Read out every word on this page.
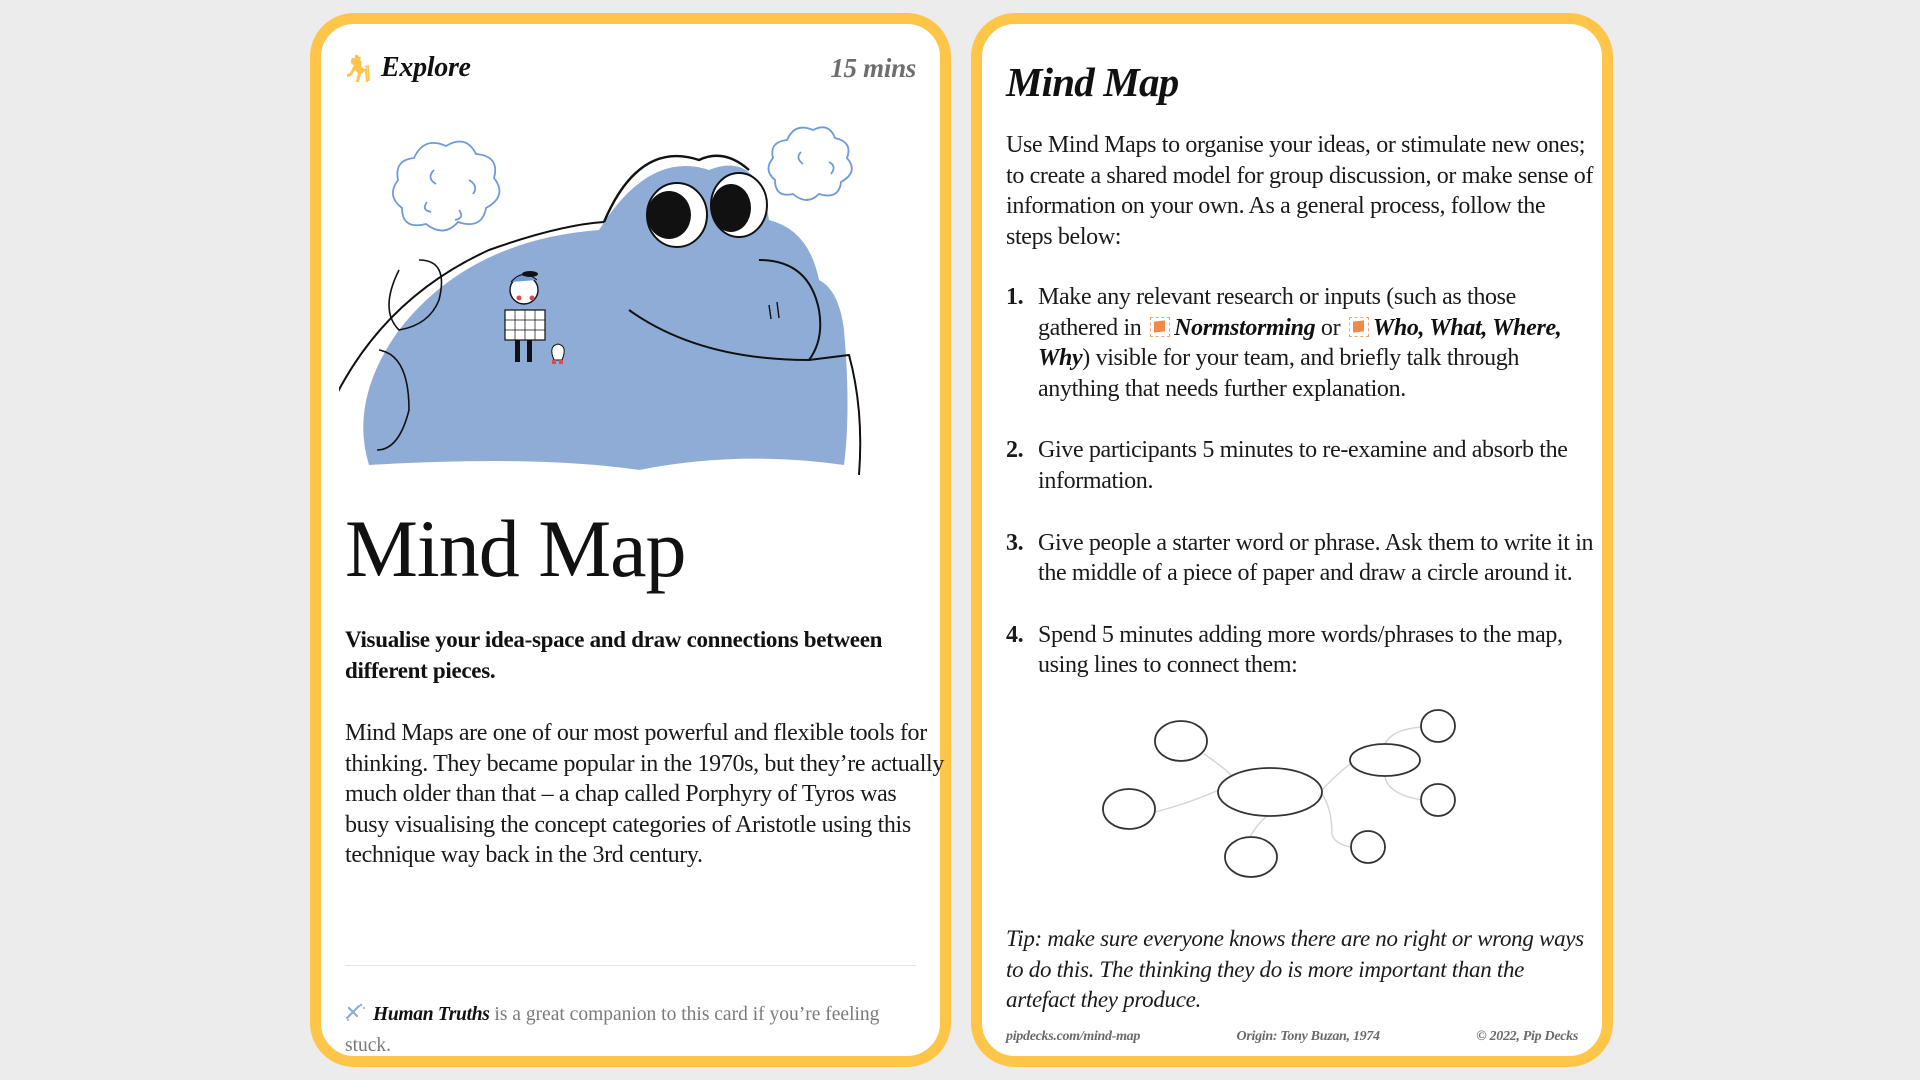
Explore	15 mins
Mind Map

Visualise your idea-space and draw connections between different pieces.

Mind Maps are one of our most powerful and flexible tools for thinking. They became popular in the 1970s, but they’re actually much older than that – a chap called Porphyry of Tyros was busy visualising the concept categories of Aristotle using this technique way back in the 3rd century.

Human Truths is a great companion to this card if you’re feeling stuck.

Mind Map

Use Mind Maps to organise your ideas, or stimulate new ones; to create a shared model for group discussion, or make sense of information on your own. As a general process, follow the steps below:

1. Make any relevant research or inputs (such as those gathered in Normstorming or Who, What, Where, Why) visible for your team, and briefly talk through anything that needs further explanation.
2. Give participants 5 minutes to re-examine and absorb the information.
3. Give people a starter word or phrase. Ask them to write it in the middle of a piece of paper and draw a circle around it.
4. Spend 5 minutes adding more words/phrases to the map, using lines to connect them:

Tip: make sure everyone knows there are no right or wrong ways to do this. The thinking they do is more important than the artefact they produce.

pipdecks.com/mind-map	Origin: Tony Buzan, 1974	© 2022, Pip Decks
